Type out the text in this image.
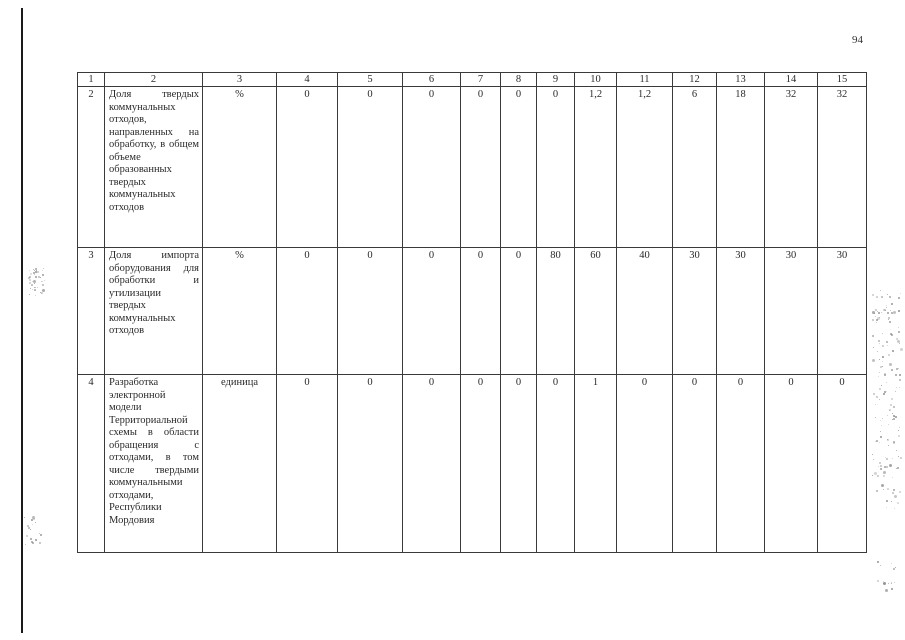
94
1	2	3	4	5	6	7	8	9	10	11	12	13	14	15
2	Доля твердых коммунальных отходов, направленных на обработку, в общем объеме образованных твердых коммунальных отходов	%	0	0	0	0	0	0	1,2	1,2	6	18	32	32
3	Доля импорта оборудования для обработки и утилизации твердых коммунальных отходов	%	0	0	0	0	0	80	60	40	30	30	30	30
4	Разработка электронной модели Территориальной схемы в области обращения с отходами, в том числе твердыми коммунальными отходами, Республики Мордовия	единица	0	0	0	0	0	0	1	0	0	0	0	0
